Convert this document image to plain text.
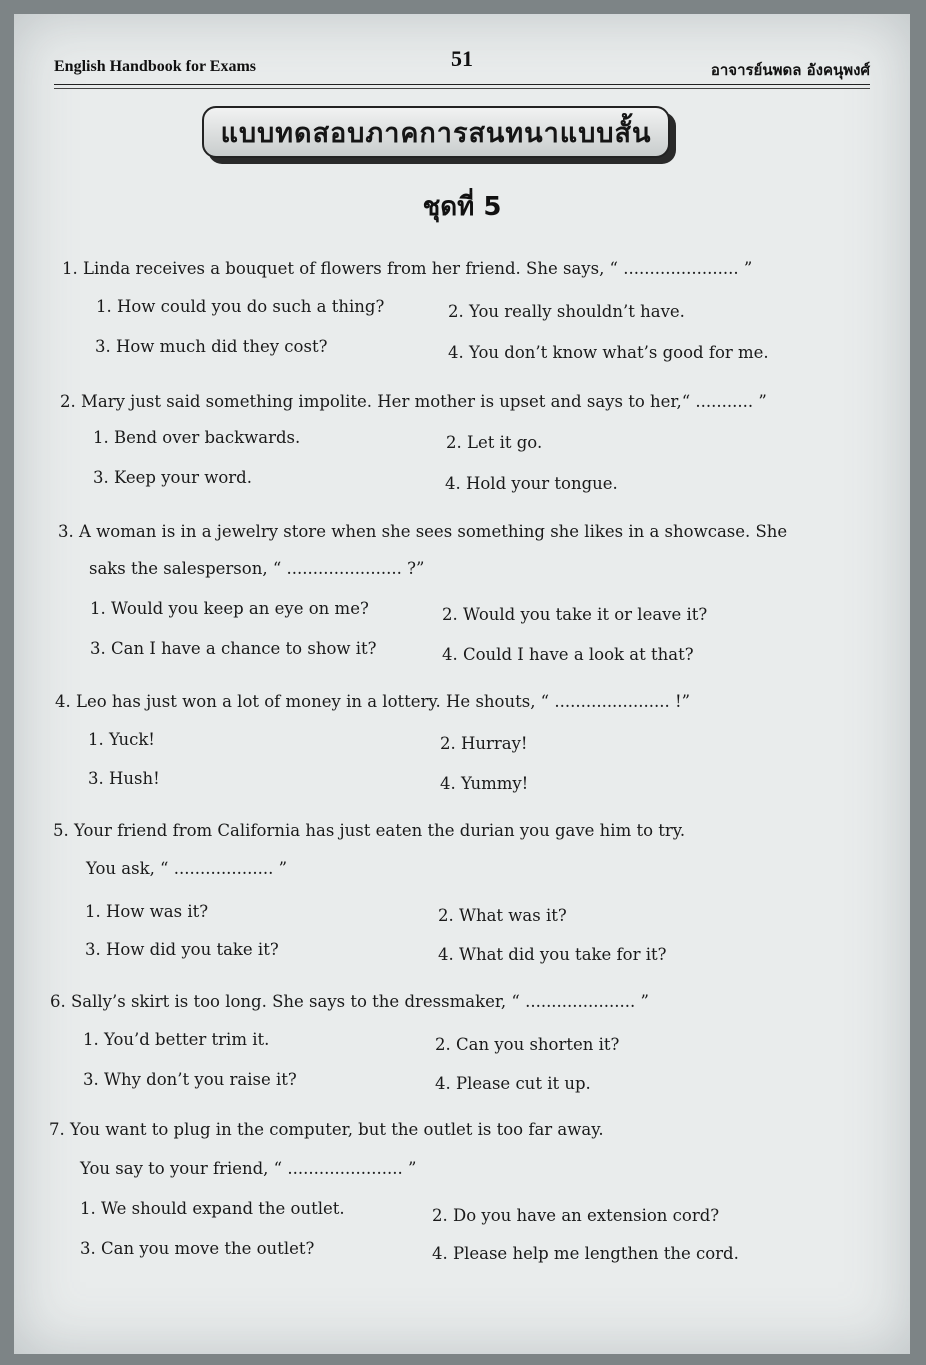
English Handbook for Exams	51	อาจารย์นพดล อังคนุพงศ์
แบบทดสอบภาคการสนทนาแบบสั้น
ชุดที่ 5
1. Linda receives a bouquet of flowers from her friend. She says, “ ...................... ”
1. How could you do such a thing?	2. You really shouldn’t have.
3. How much did they cost?	4. You don’t know what’s good for me.
2. Mary just said something impolite. Her mother is upset and says to her,“ ........... ”
1. Bend over backwards.	2. Let it go.
3. Keep your word.	4. Hold your tongue.
3. A woman is in a jewelry store when she sees something she likes in a showcase. She
saks the salesperson, “ ...................... ?”
1. Would you keep an eye on me?	2. Would you take it or leave it?
3. Can I have a chance to show it?	4. Could I have a look at that?
4. Leo has just won a lot of money in a lottery. He shouts, “ ...................... !”
1. Yuck!	2. Hurray!
3. Hush!	4. Yummy!
5. Your friend from California has just eaten the durian you gave him to try.
You ask, “ ................... ”
1. How was it?	2. What was it?
3. How did you take it?	4. What did you take for it?
6. Sally’s skirt is too long. She says to the dressmaker, “ ..................... ”
1. You’d better trim it.	2. Can you shorten it?
3. Why don’t you raise it?	4. Please cut it up.
7. You want to plug in the computer, but the outlet is too far away.
You say to your friend, “ ...................... ”
1. We should expand the outlet.	2. Do you have an extension cord?
3. Can you move the outlet?	4. Please help me lengthen the cord.
